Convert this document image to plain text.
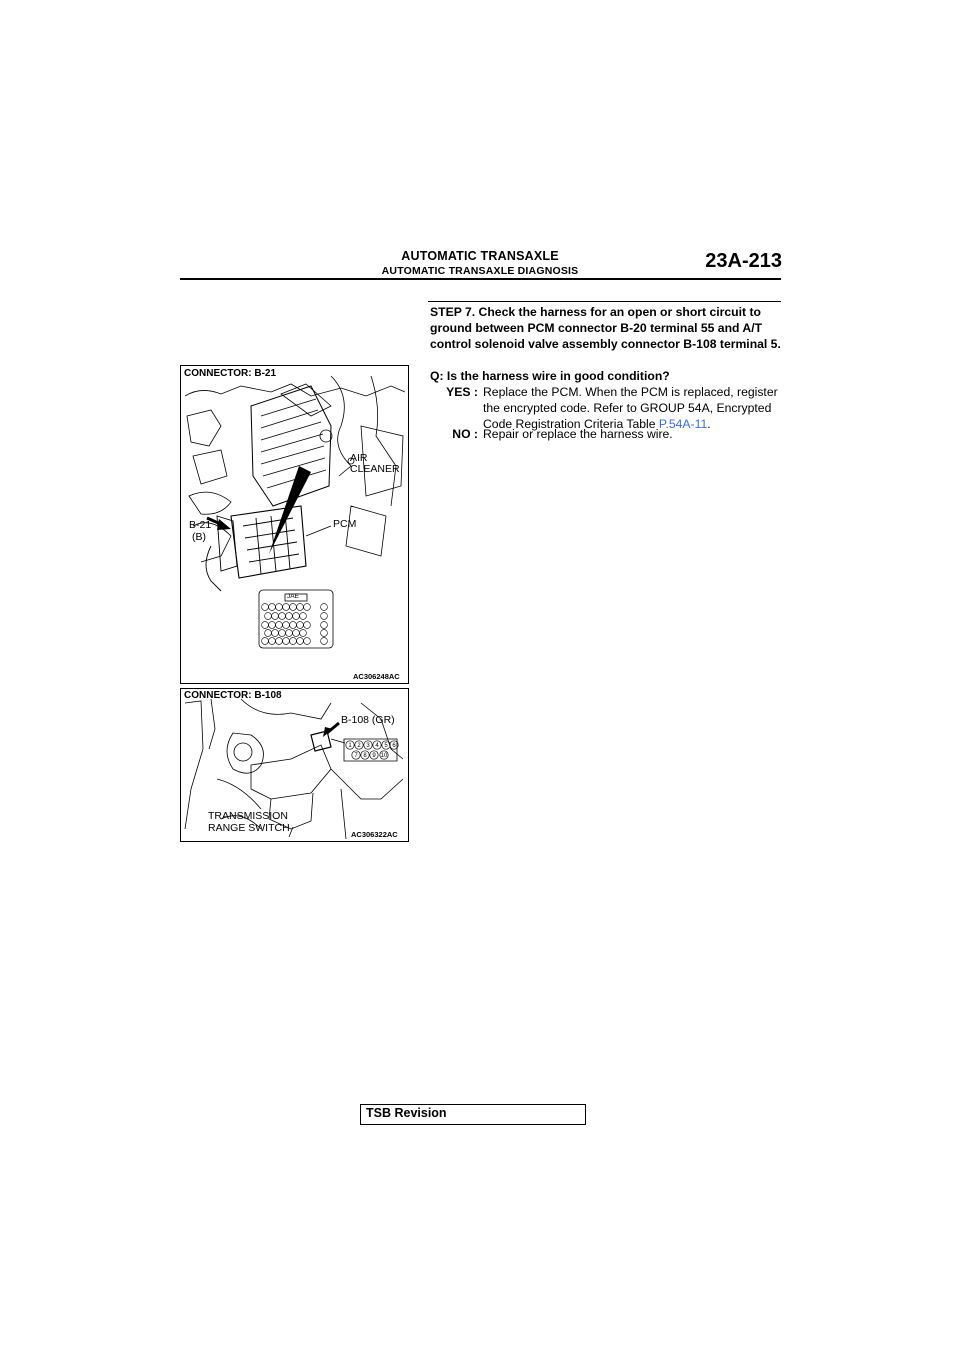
AUTOMATIC TRANSAXLE
AUTOMATIC TRANSAXLE DIAGNOSIS	23A-213
STEP 7. Check the harness for an open or short circuit to ground between PCM connector B-20 terminal 55 and A/T control solenoid valve assembly connector B-108 terminal 5.
Q: Is the harness wire in good condition?
YES : Replace the PCM. When the PCM is replaced, register the encrypted code. Refer to GROUP 54A, Encrypted Code Registration Criteria Table P.54A-11.
NO : Repair or replace the harness wire.
CONNECTOR: B-21
AIR
CLEANER
B-21
(B)
PCM
JAE
AC306248AC
1 2 3 4 5 6
7 8 9 10
CONNECTOR: B-108
B-108 (GR)
TRANSMISSION
RANGE SWITCH
AC306322AC
TSB Revision
